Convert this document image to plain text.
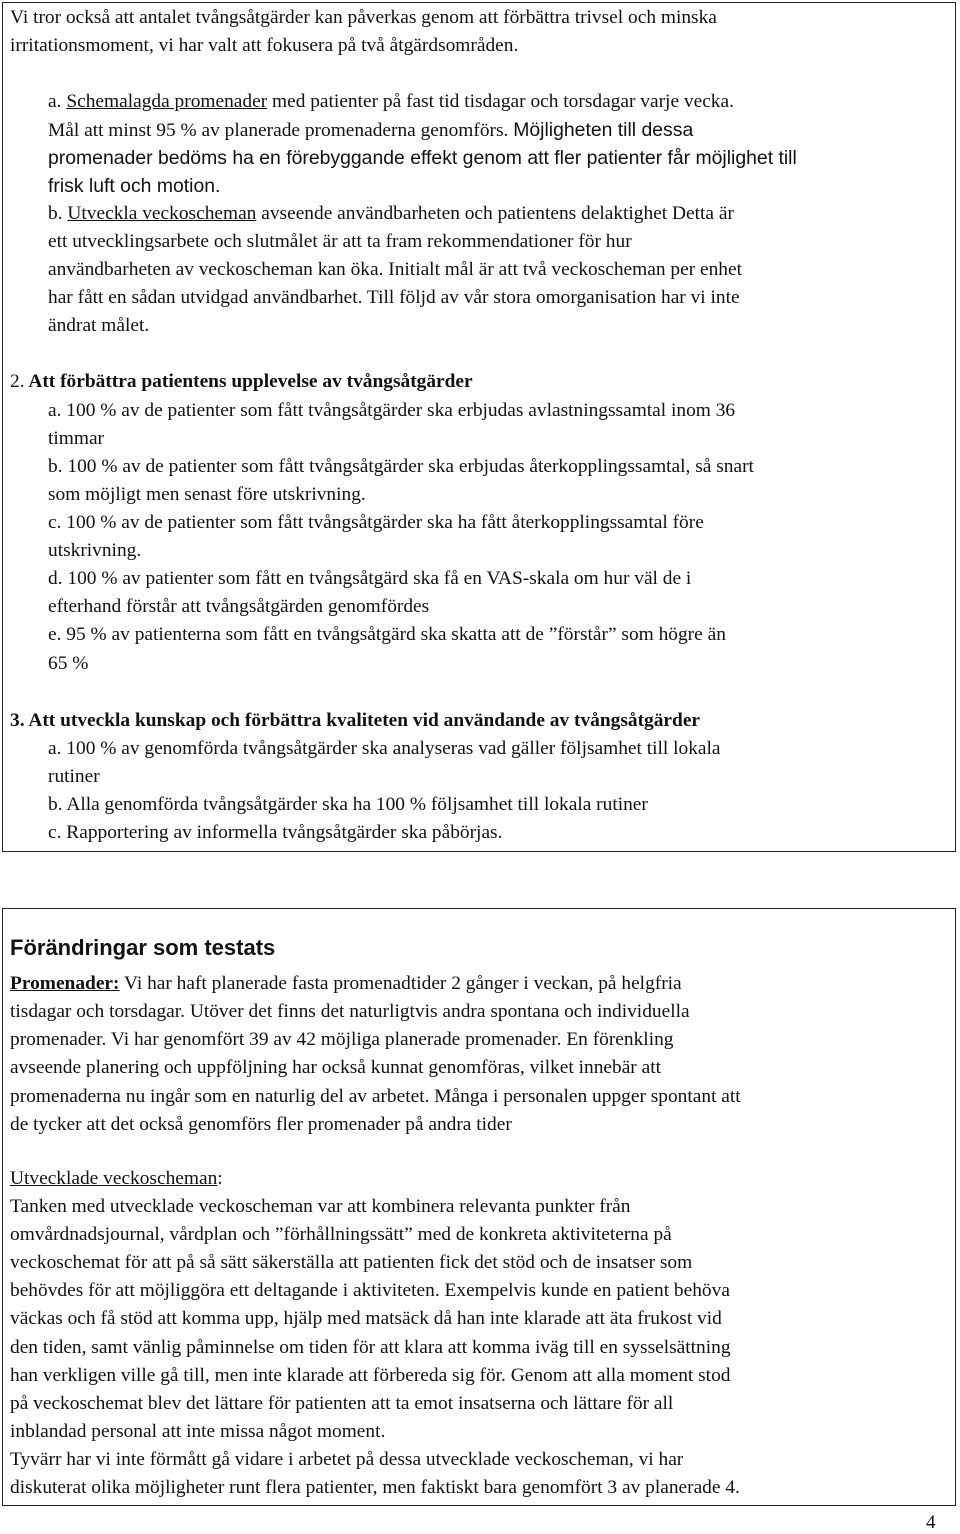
Vi tror också att antalet tvångsåtgärder kan påverkas genom att förbättra trivsel och minska
irritationsmoment, vi har valt att fokusera på två åtgärdsområden.
a. Schemalagda promenader med patienter på fast tid tisdagar och torsdagar varje vecka.
Mål att minst 95 % av planerade promenaderna genomförs. Möjligheten till dessa
promenader bedöms ha en förebyggande effekt genom att fler patienter får möjlighet till
frisk luft och motion.
b. Utveckla veckoscheman avseende användbarheten och patientens delaktighet Detta är
ett utvecklingsarbete och slutmålet är att ta fram rekommendationer för hur
användbarheten av veckoscheman kan öka. Initialt mål är att två veckoscheman per enhet
har fått en sådan utvidgad användbarhet. Till följd av vår stora omorganisation har vi inte
ändrat målet.
2. Att förbättra patientens upplevelse av tvångsåtgärder
a. 100 % av de patienter som fått tvångsåtgärder ska erbjudas avlastningssamtal inom 36
timmar
b. 100 % av de patienter som fått tvångsåtgärder ska erbjudas återkopplingssamtal, så snart
som möjligt men senast före utskrivning.
c. 100 % av de patienter som fått tvångsåtgärder ska ha fått återkopplingssamtal före
utskrivning.
d. 100 % av patienter som fått en tvångsåtgärd ska få en VAS-skala om hur väl de i
efterhand förstår att tvångsåtgärden genomfördes
e. 95 % av patienterna som fått en tvångsåtgärd ska skatta att de ”förstår” som högre än
65 %
3. Att utveckla kunskap och förbättra kvaliteten vid användande av tvångsåtgärder
a. 100 % av genomförda tvångsåtgärder ska analyseras vad gäller följsamhet till lokala
rutiner
b. Alla genomförda tvångsåtgärder ska ha 100 % följsamhet till lokala rutiner
c. Rapportering av informella tvångsåtgärder ska påbörjas.
Förändringar som testats
Promenader: Vi har haft planerade fasta promenadtider 2 gånger i veckan, på helgfria
tisdagar och torsdagar. Utöver det finns det naturligtvis andra spontana och individuella
promenader. Vi har genomfört 39 av 42 möjliga planerade promenader. En förenkling
avseende planering och uppföljning har också kunnat genomföras, vilket innebär att
promenaderna nu ingår som en naturlig del av arbetet. Många i personalen uppger spontant att
de tycker att det också genomförs fler promenader på andra tider
Utvecklade veckoscheman:
Tanken med utvecklade veckoscheman var att kombinera relevanta punkter från
omvårdnadsjournal, vårdplan och ”förhållningssätt” med de konkreta aktiviteterna på
veckoschemat för att på så sätt säkerställa att patienten fick det stöd och de insatser som
behövdes för att möjliggöra ett deltagande i aktiviteten. Exempelvis kunde en patient behöva
väckas och få stöd att komma upp, hjälp med matsäck då han inte klarade att äta frukost vid
den tiden, samt vänlig påminnelse om tiden för att klara att komma iväg till en sysselsättning
han verkligen ville gå till, men inte klarade att förbereda sig för. Genom att alla moment stod
på veckoschemat blev det lättare för patienten att ta emot insatserna och lättare för all
inblandad personal att inte missa något moment.
Tyvärr har vi inte förmått gå vidare i arbetet på dessa utvecklade veckoscheman, vi har
diskuterat olika möjligheter runt flera patienter, men faktiskt bara genomfört 3 av planerade 4.
4
